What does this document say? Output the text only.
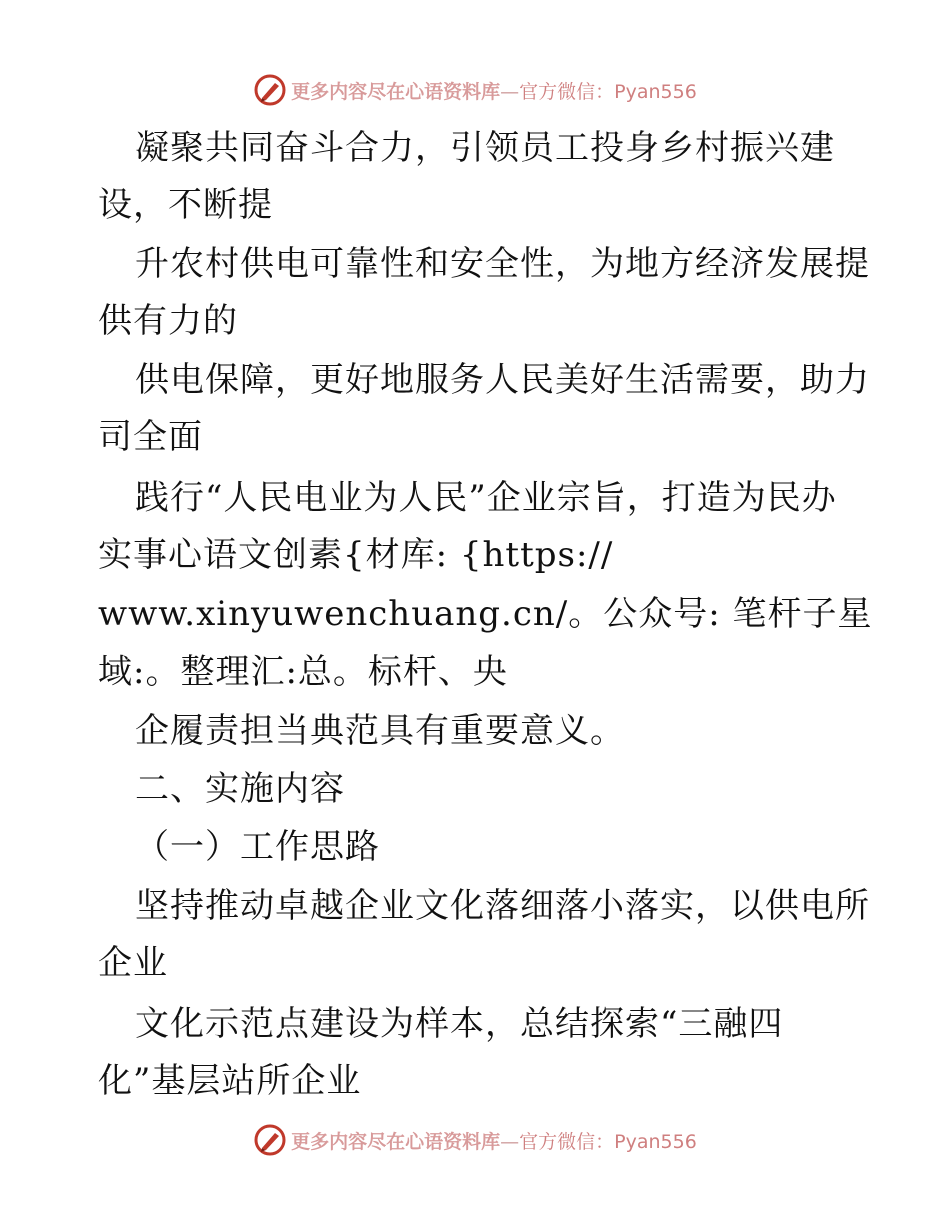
更多内容尽在心语资料库—官方微信：Pyan556
凝聚共同奋斗合力，引领员工投身乡村振兴建
设，不断提
升农村供电可靠性和安全性，为地方经济发展提
供有力的
供电保障，更好地服务人民美好生活需要，助力
司全面
践行“人民电业为人民”企业宗旨，打造为民办
实事心语文创素{材库: {https://
www.xinyuwenchuang.cn/。公众号: 笔杆子星
域:。整理汇:总。标杆、央
企履责担当典范具有重要意义。
二、实施内容
（一）工作思路
坚持推动卓越企业文化落细落小落实，以供电所
企业
文化示范点建设为样本，总结探索“三融四
化”基层站所企业
更多内容尽在心语资料库—官方微信：Pyan556
